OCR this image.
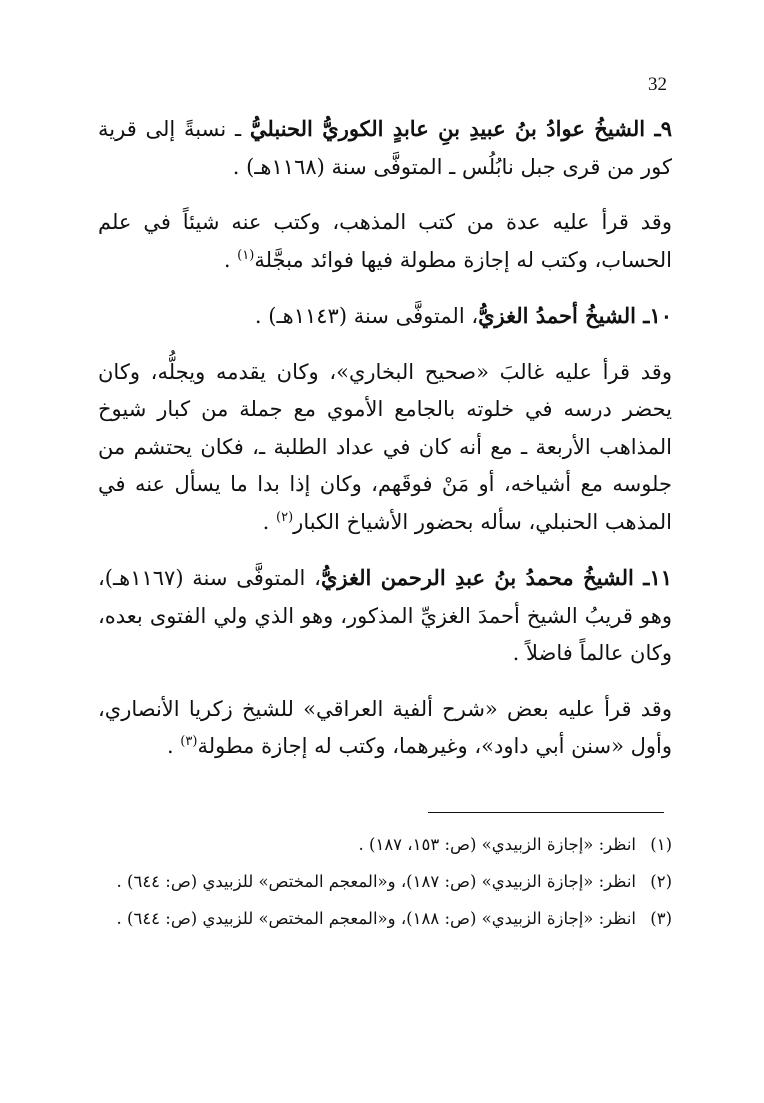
32

٩ـ الشيخُ عوادُ بنُ عبيدِ بنِ عابدٍ الكوريُّ الحنبليُّ ـ نسبةً إلى قرية كور من قرى جبل نابُلُس ـ المتوفَّى سنة (١١٦٨هـ) .

وقد قرأ عليه عدة من كتب المذهب، وكتب عنه شيئاً في علم الحساب، وكتب له إجازة مطولة فيها فوائد مبجَّلة$^{(١)}$ .

١٠ـ الشيخُ أحمدُ الغزيُّ، المتوفَّى سنة (١١٤٣هـ) .

وقد قرأ عليه غالبَ «صحيح البخاري»، وكان يقدمه ويجلُّه، وكان يحضر درسه في خلوته بالجامع الأموي مع جملة من كبار شيوخ المذاهب الأربعة ـ مع أنه كان في عداد الطلبة ـ، فكان يحتشم من جلوسه مع أشياخه، أو مَنْ فوقَهم، وكان إذا بدا ما يسأل عنه في المذهب الحنبلي، سأله بحضور الأشياخ الكبار$^{(٢)}$ .

١١ـ الشيخُ محمدُ بنُ عبدِ الرحمن الغزيُّ، المتوفَّى سنة (١١٦٧هـ)، وهو قريبُ الشيخ أحمدَ الغزيِّ المذكور، وهو الذي ولي الفتوى بعده، وكان عالماً فاضلاً .

وقد قرأ عليه بعض «شرح ألفية العراقي» للشيخ زكريا الأنصاري، وأول «سنن أبي داود»، وغيرهما، وكتب له إجازة مطولة$^{(٣)}$ .

(١)
انظر: «إجازة الزبيدي» (ص: ١٥٣، ١٨٧) .
(٢)
انظر: «إجازة الزبيدي» (ص: ١٨٧)، و«المعجم المختص» للزبيدي (ص: ٦٤٤) .
(٣)
انظر: «إجازة الزبيدي» (ص: ١٨٨)، و«المعجم المختص» للزبيدي (ص: ٦٤٤) .
